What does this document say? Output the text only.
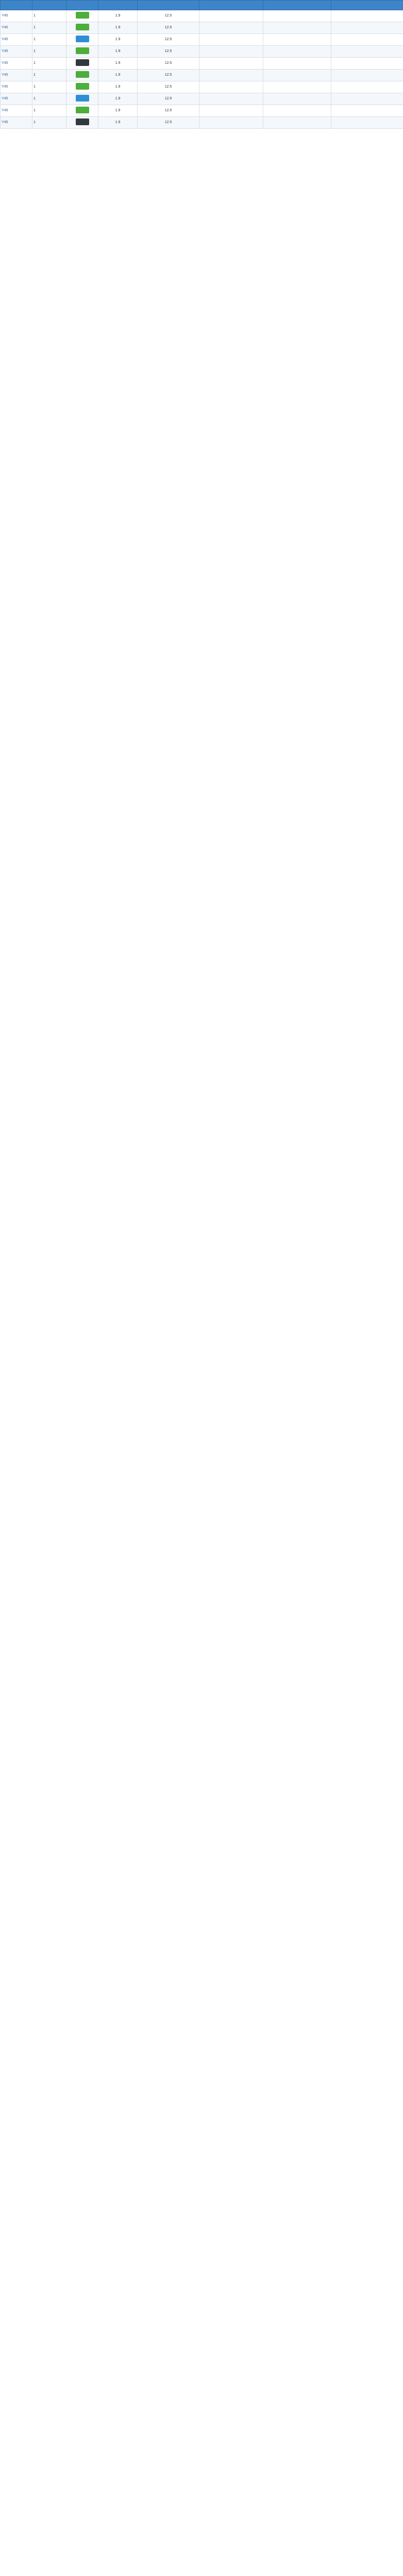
Y45	1		1.9	12.5			
Y45	1		1.9	12.5			
Y45	1		1.9	12.5			
Y45	1		1.9	12.5			
Y45	1		1.9	12.5			
Y45	1		1.9	12.5			
Y45	1		1.9	12.5			
Y45	1		1.9	12.5			
Y45	1		1.9	12.5			
Y45	1		1.9	12.5			
